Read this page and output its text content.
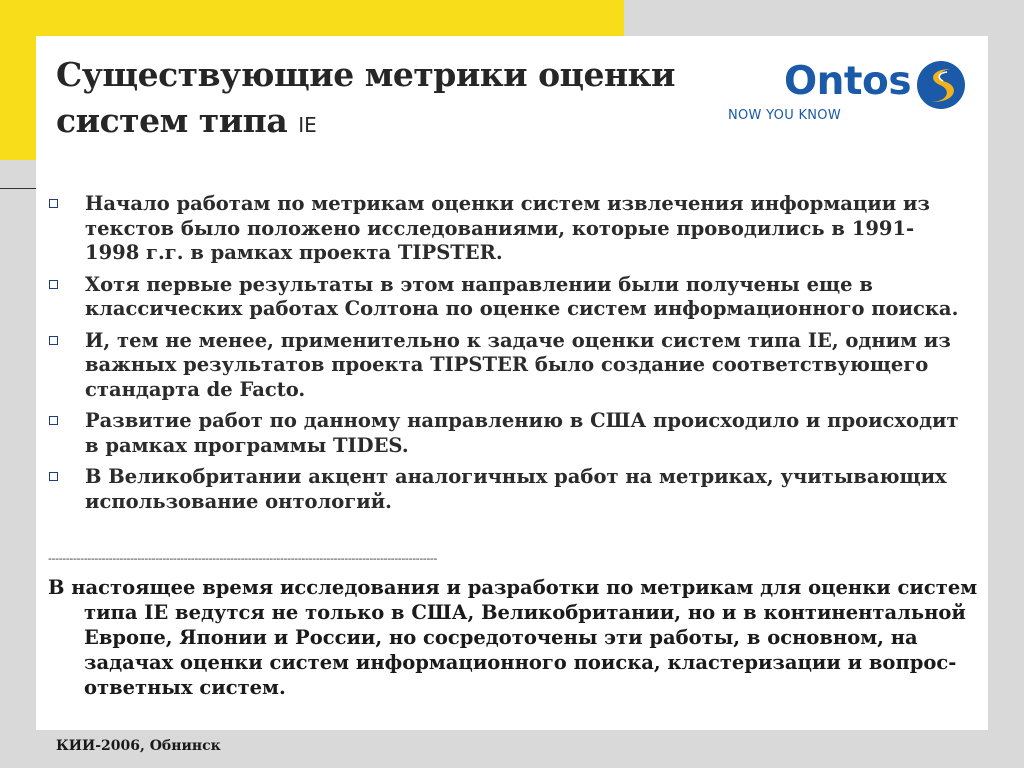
Существующие метрики оценки систем типа IE
Ontos
NOW YOU KNOW
Начало работам по метрикам оценки систем извлечения информации из текстов было положено исследованиями, которые проводились в 1991-1998 г.г. в рамках проекта TIPSTER.
Хотя первые результаты в этом направлении были получены еще в классических работах Солтона по оценке систем информационного поиска.
И, тем не менее, применительно к задаче оценки систем типа IE, одним из важных результатов проекта TIPSTER было создание соответствующего стандарта de Facto.
Развитие работ по данному направлению в США происходило и происходит в рамках программы TIDES.
В Великобритании акцент аналогичных работ на метриках, учитывающих использование онтологий.
-------------------------------------------------------------------------------------------------------------

В настоящее время исследования и разработки по метрикам для оценки систем типа IE ведутся не только в США, Великобритании, но и в континентальной Европе, Японии и России, но сосредоточены эти работы, в основном, на задачах оценки систем информационного поиска, кластеризации и вопрос-ответных систем.

КИИ-2006, Обнинск
